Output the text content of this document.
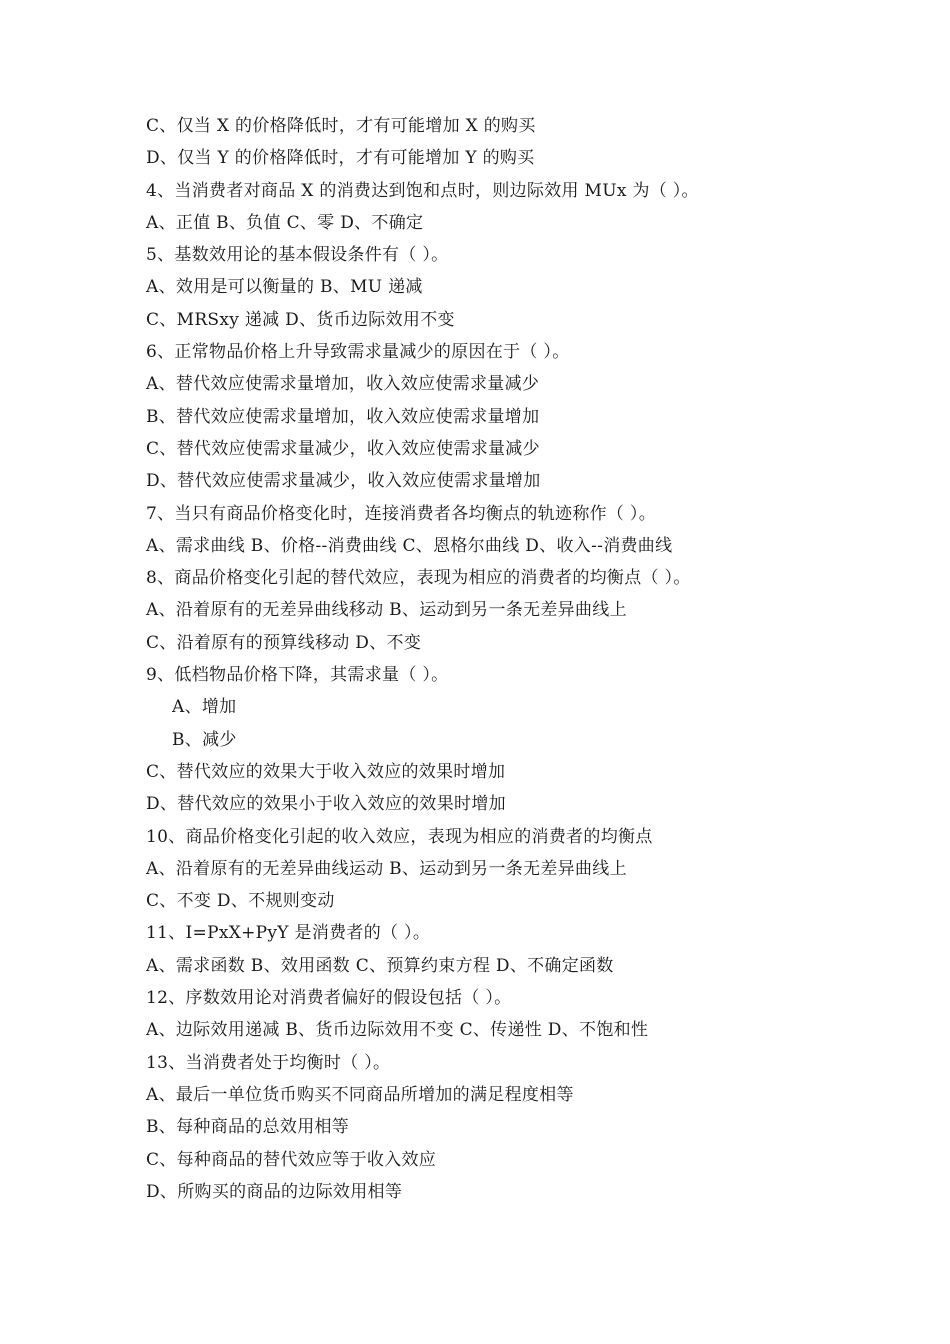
C、仅当 X 的价格降低时，才有可能增加 X 的购买
D、仅当 Y 的价格降低时，才有可能增加 Y 的购买
4、当消费者对商品 X 的消费达到饱和点时，则边际效用 MUx 为（ ）。
A、正值 B、负值 C、零 D、不确定
5、基数效用论的基本假设条件有（ ）。
A、效用是可以衡量的 B、MU 递减
C、MRSxy 递减 D、货币边际效用不变
6、正常物品价格上升导致需求量减少的原因在于（ ）。
A、替代效应使需求量增加，收入效应使需求量减少
B、替代效应使需求量增加，收入效应使需求量增加
C、替代效应使需求量减少，收入效应使需求量减少
D、替代效应使需求量减少，收入效应使需求量增加
7、当只有商品价格变化时，连接消费者各均衡点的轨迹称作（ ）。
A、需求曲线 B、价格--消费曲线 C、恩格尔曲线 D、收入--消费曲线
8、商品价格变化引起的替代效应，表现为相应的消费者的均衡点（ ）。
A、沿着原有的无差异曲线移动 B、运动到另一条无差异曲线上
C、沿着原有的预算线移动 D、不变
9、低档物品价格下降，其需求量（ ）。
A、增加
B、减少
C、替代效应的效果大于收入效应的效果时增加
D、替代效应的效果小于收入效应的效果时增加
10、商品价格变化引起的收入效应，表现为相应的消费者的均衡点
A、沿着原有的无差异曲线运动 B、运动到另一条无差异曲线上
C、不变 D、不规则变动
11、I=PxX+PyY 是消费者的（ ）。
A、需求函数 B、效用函数 C、预算约束方程 D、不确定函数
12、序数效用论对消费者偏好的假设包括（ ）。
A、边际效用递减 B、货币边际效用不变 C、传递性 D、不饱和性
13、当消费者处于均衡时（ ）。
A、最后一单位货币购买不同商品所增加的满足程度相等
B、每种商品的总效用相等
C、每种商品的替代效应等于收入效应
D、所购买的商品的边际效用相等
